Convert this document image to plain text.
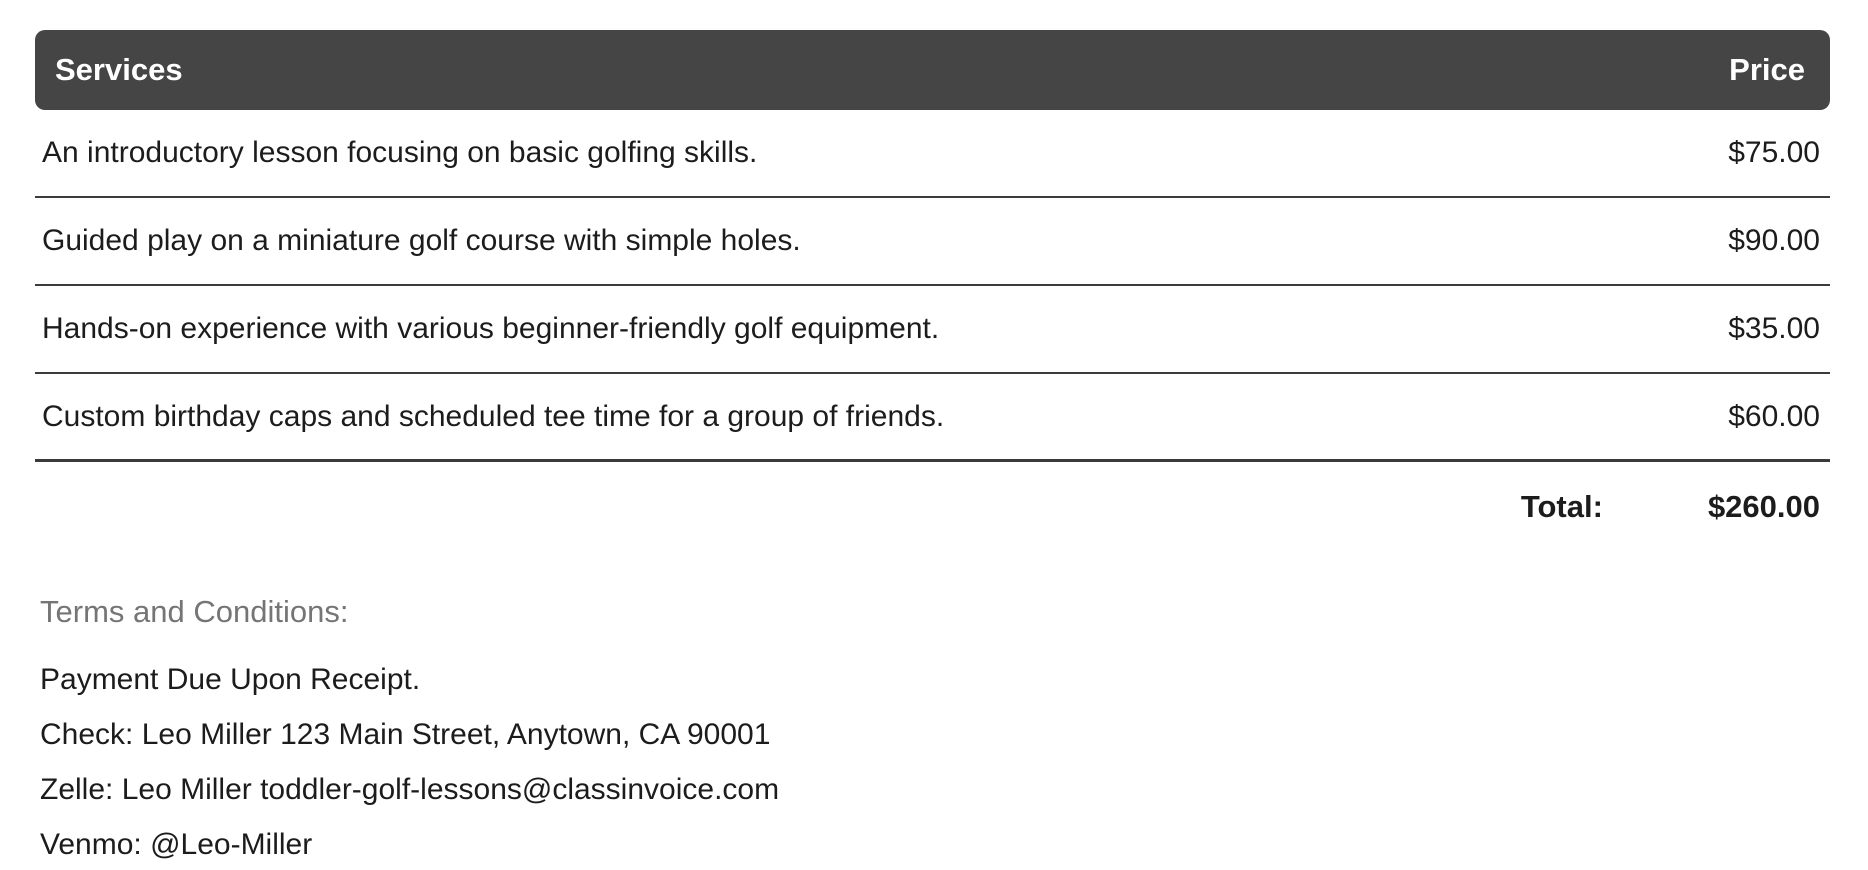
Services	Price
An introductory lesson focusing on basic golfing skills.	$75.00
Guided play on a miniature golf course with simple holes.	$90.00
Hands-on experience with various beginner-friendly golf equipment.	$35.00
Custom birthday caps and scheduled tee time for a group of friends.	$60.00
Total:	$260.00
Terms and Conditions:
Payment Due Upon Receipt.
Check: Leo Miller 123 Main Street, Anytown, CA 90001
Zelle: Leo Miller toddler-golf-lessons@classinvoice.com
Venmo: @Leo-Miller
